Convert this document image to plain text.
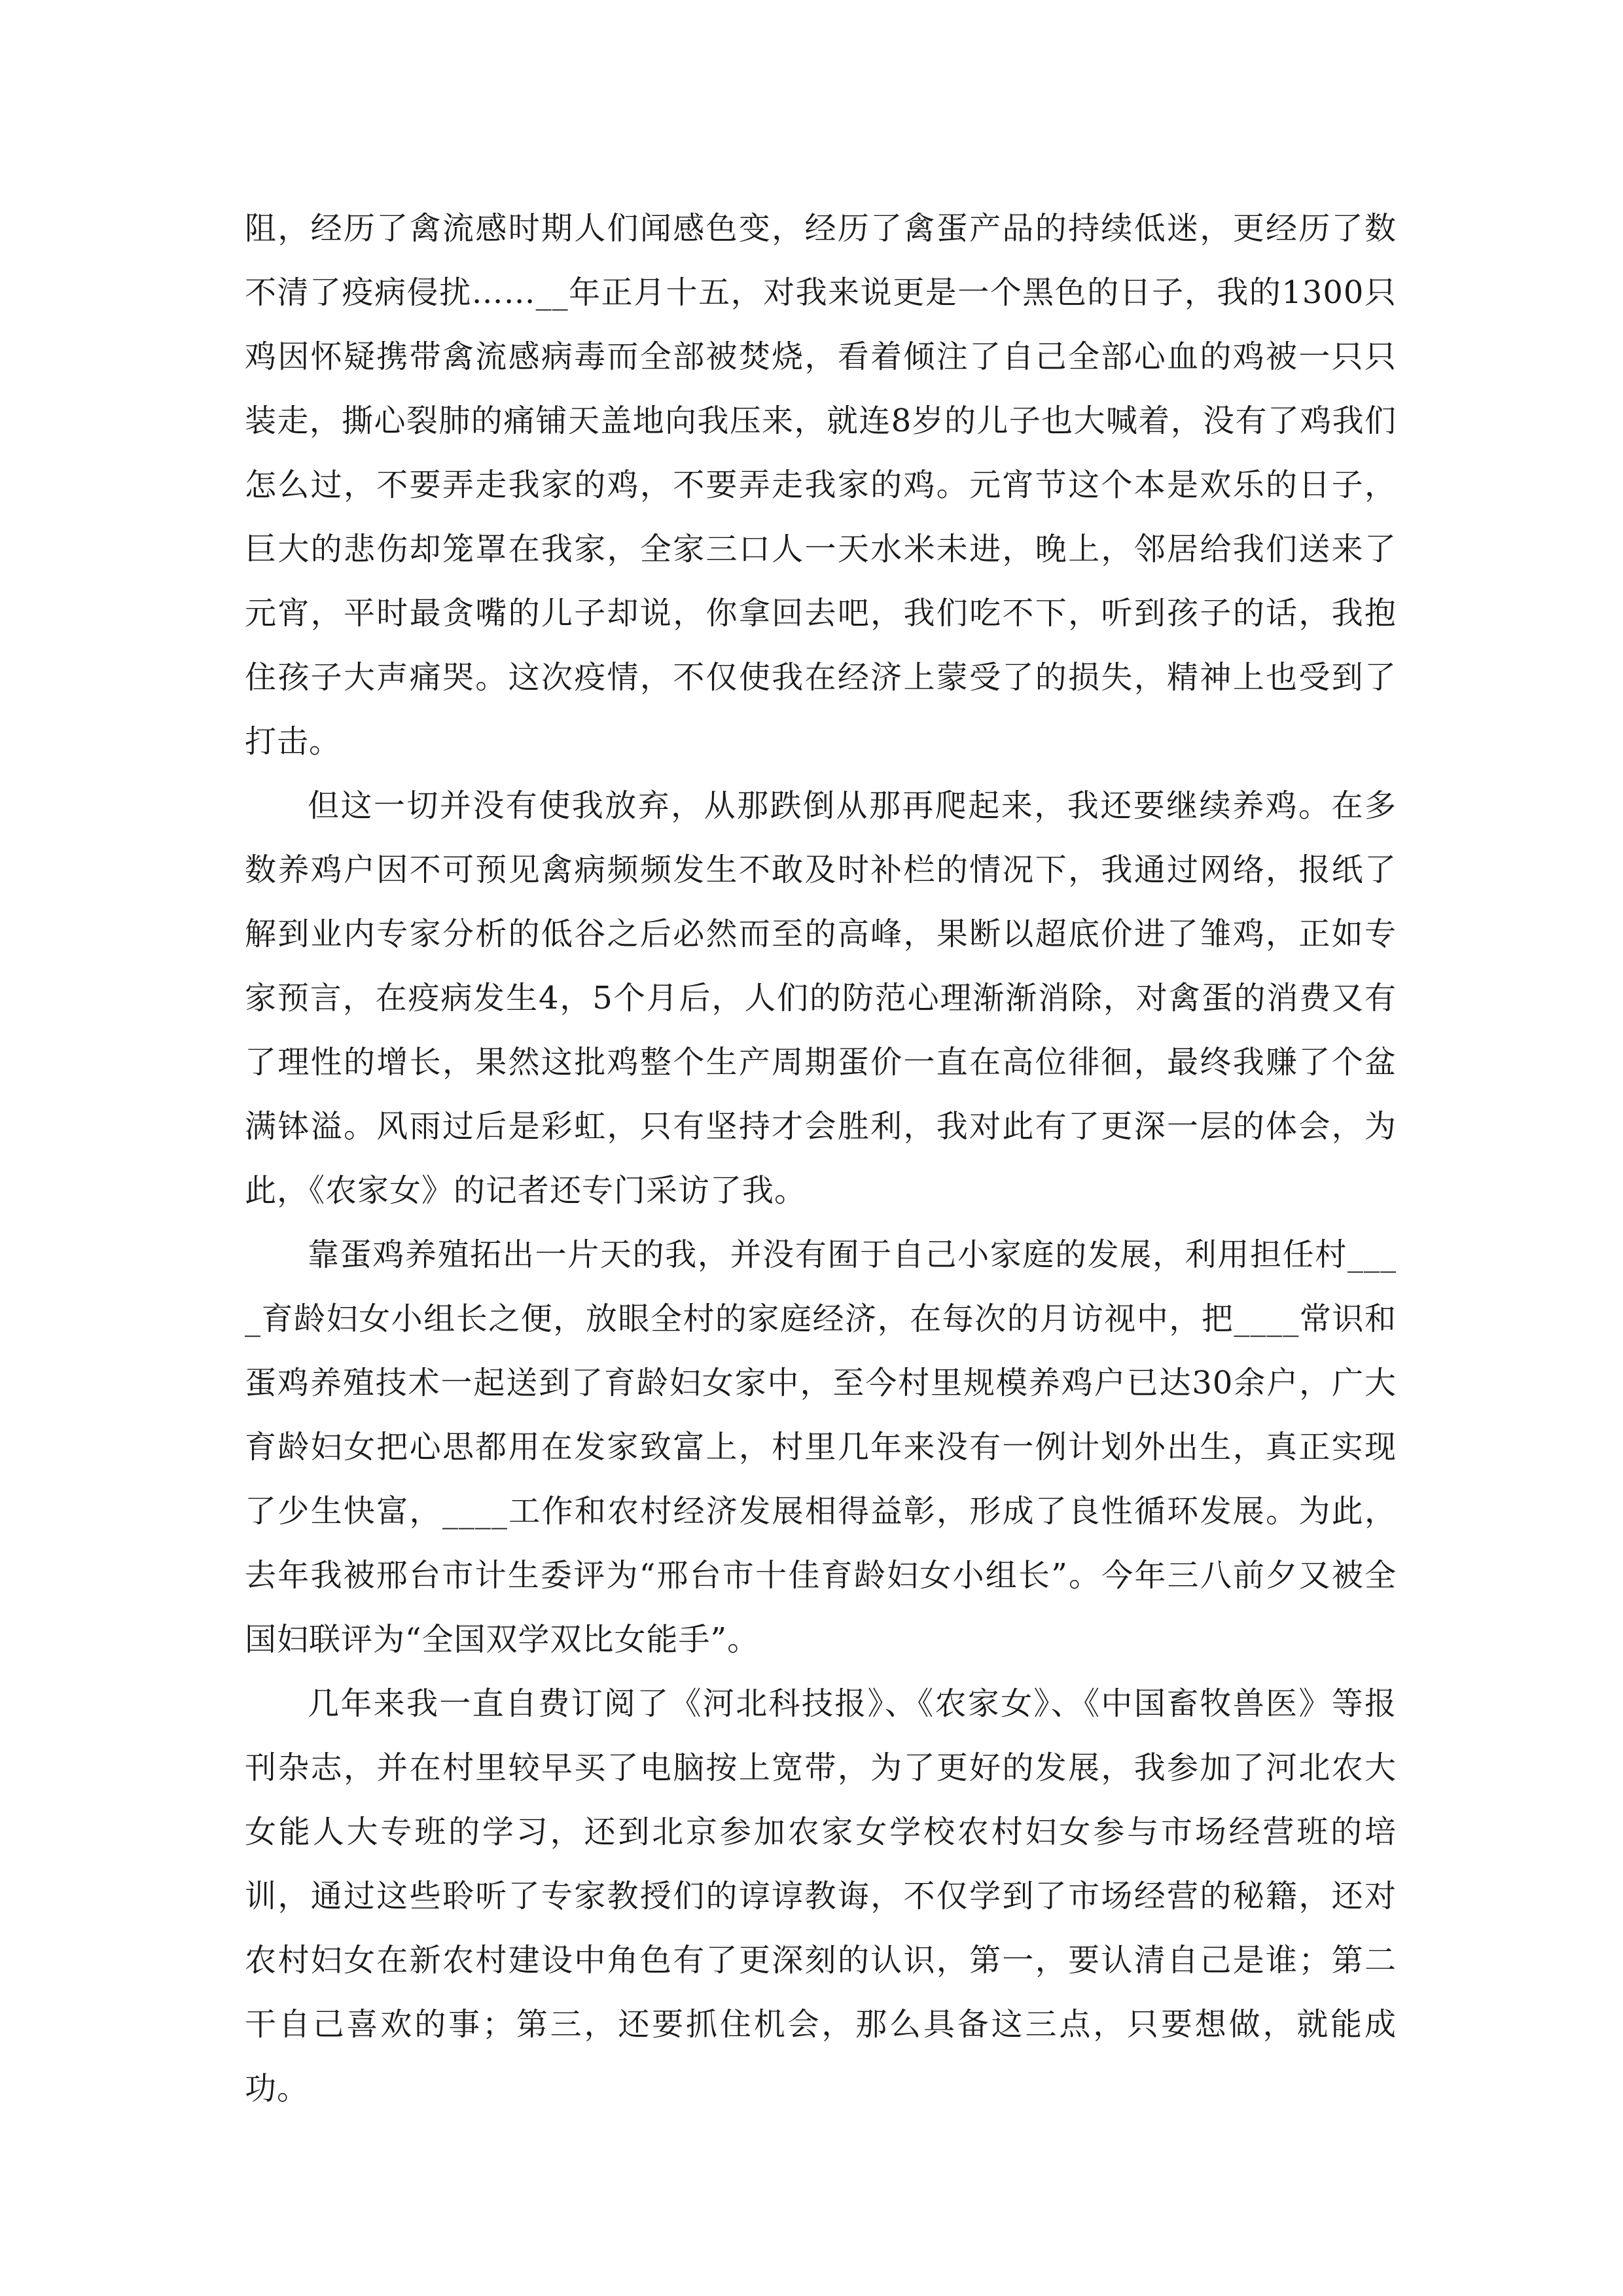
阻，经历了禽流感时期人们闻感色变，经历了禽蛋产品的持续低迷，更经历了数不清了疫病侵扰……__年正月十五，对我来说更是一个黑色的日子，我的1300只鸡因怀疑携带禽流感病毒而全部被焚烧，看着倾注了自己全部心血的鸡被一只只装走，撕心裂肺的痛铺天盖地向我压来，就连8岁的儿子也大喊着，没有了鸡我们怎么过，不要弄走我家的鸡，不要弄走我家的鸡。元宵节这个本是欢乐的日子，巨大的悲伤却笼罩在我家，全家三口人一天水米未进，晚上，邻居给我们送来了元宵，平时最贪嘴的儿子却说，你拿回去吧，我们吃不下，听到孩子的话，我抱住孩子大声痛哭。这次疫情，不仅使我在经济上蒙受了的损失，精神上也受到了打击。

但这一切并没有使我放弃，从那跌倒从那再爬起来，我还要继续养鸡。在多数养鸡户因不可预见禽病频频发生不敢及时补栏的情况下，我通过网络，报纸了解到业内专家分析的低谷之后必然而至的高峰，果断以超底价进了雏鸡，正如专家预言，在疫病发生4，5个月后，人们的防范心理渐渐消除，对禽蛋的消费又有了理性的增长，果然这批鸡整个生产周期蛋价一直在高位徘徊，最终我赚了个盆满钵溢。风雨过后是彩虹，只有坚持才会胜利，我对此有了更深一层的体会，为此，《农家女》的记者还专门采访了我。

靠蛋鸡养殖拓出一片天的我，并没有囿于自己小家庭的发展，利用担任村____育龄妇女小组长之便，放眼全村的家庭经济，在每次的月访视中，把____常识和蛋鸡养殖技术一起送到了育龄妇女家中，至今村里规模养鸡户已达30余户，广大育龄妇女把心思都用在发家致富上，村里几年来没有一例计划外出生，真正实现了少生快富，____工作和农村经济发展相得益彰，形成了良性循环发展。为此，去年我被邢台市计生委评为“邢台市十佳育龄妇女小组长”。今年三八前夕又被全国妇联评为“全国双学双比女能手”。

几年来我一直自费订阅了《河北科技报》、《农家女》、《中国畜牧兽医》等报刊杂志，并在村里较早买了电脑按上宽带，为了更好的发展，我参加了河北农大女能人大专班的学习，还到北京参加农家女学校农村妇女参与市场经营班的培训，通过这些聆听了专家教授们的谆谆教诲，不仅学到了市场经营的秘籍，还对农村妇女在新农村建设中角色有了更深刻的认识，第一，要认清自己是谁；第二干自己喜欢的事；第三，还要抓住机会，那么具备这三点，只要想做，就能成功。
